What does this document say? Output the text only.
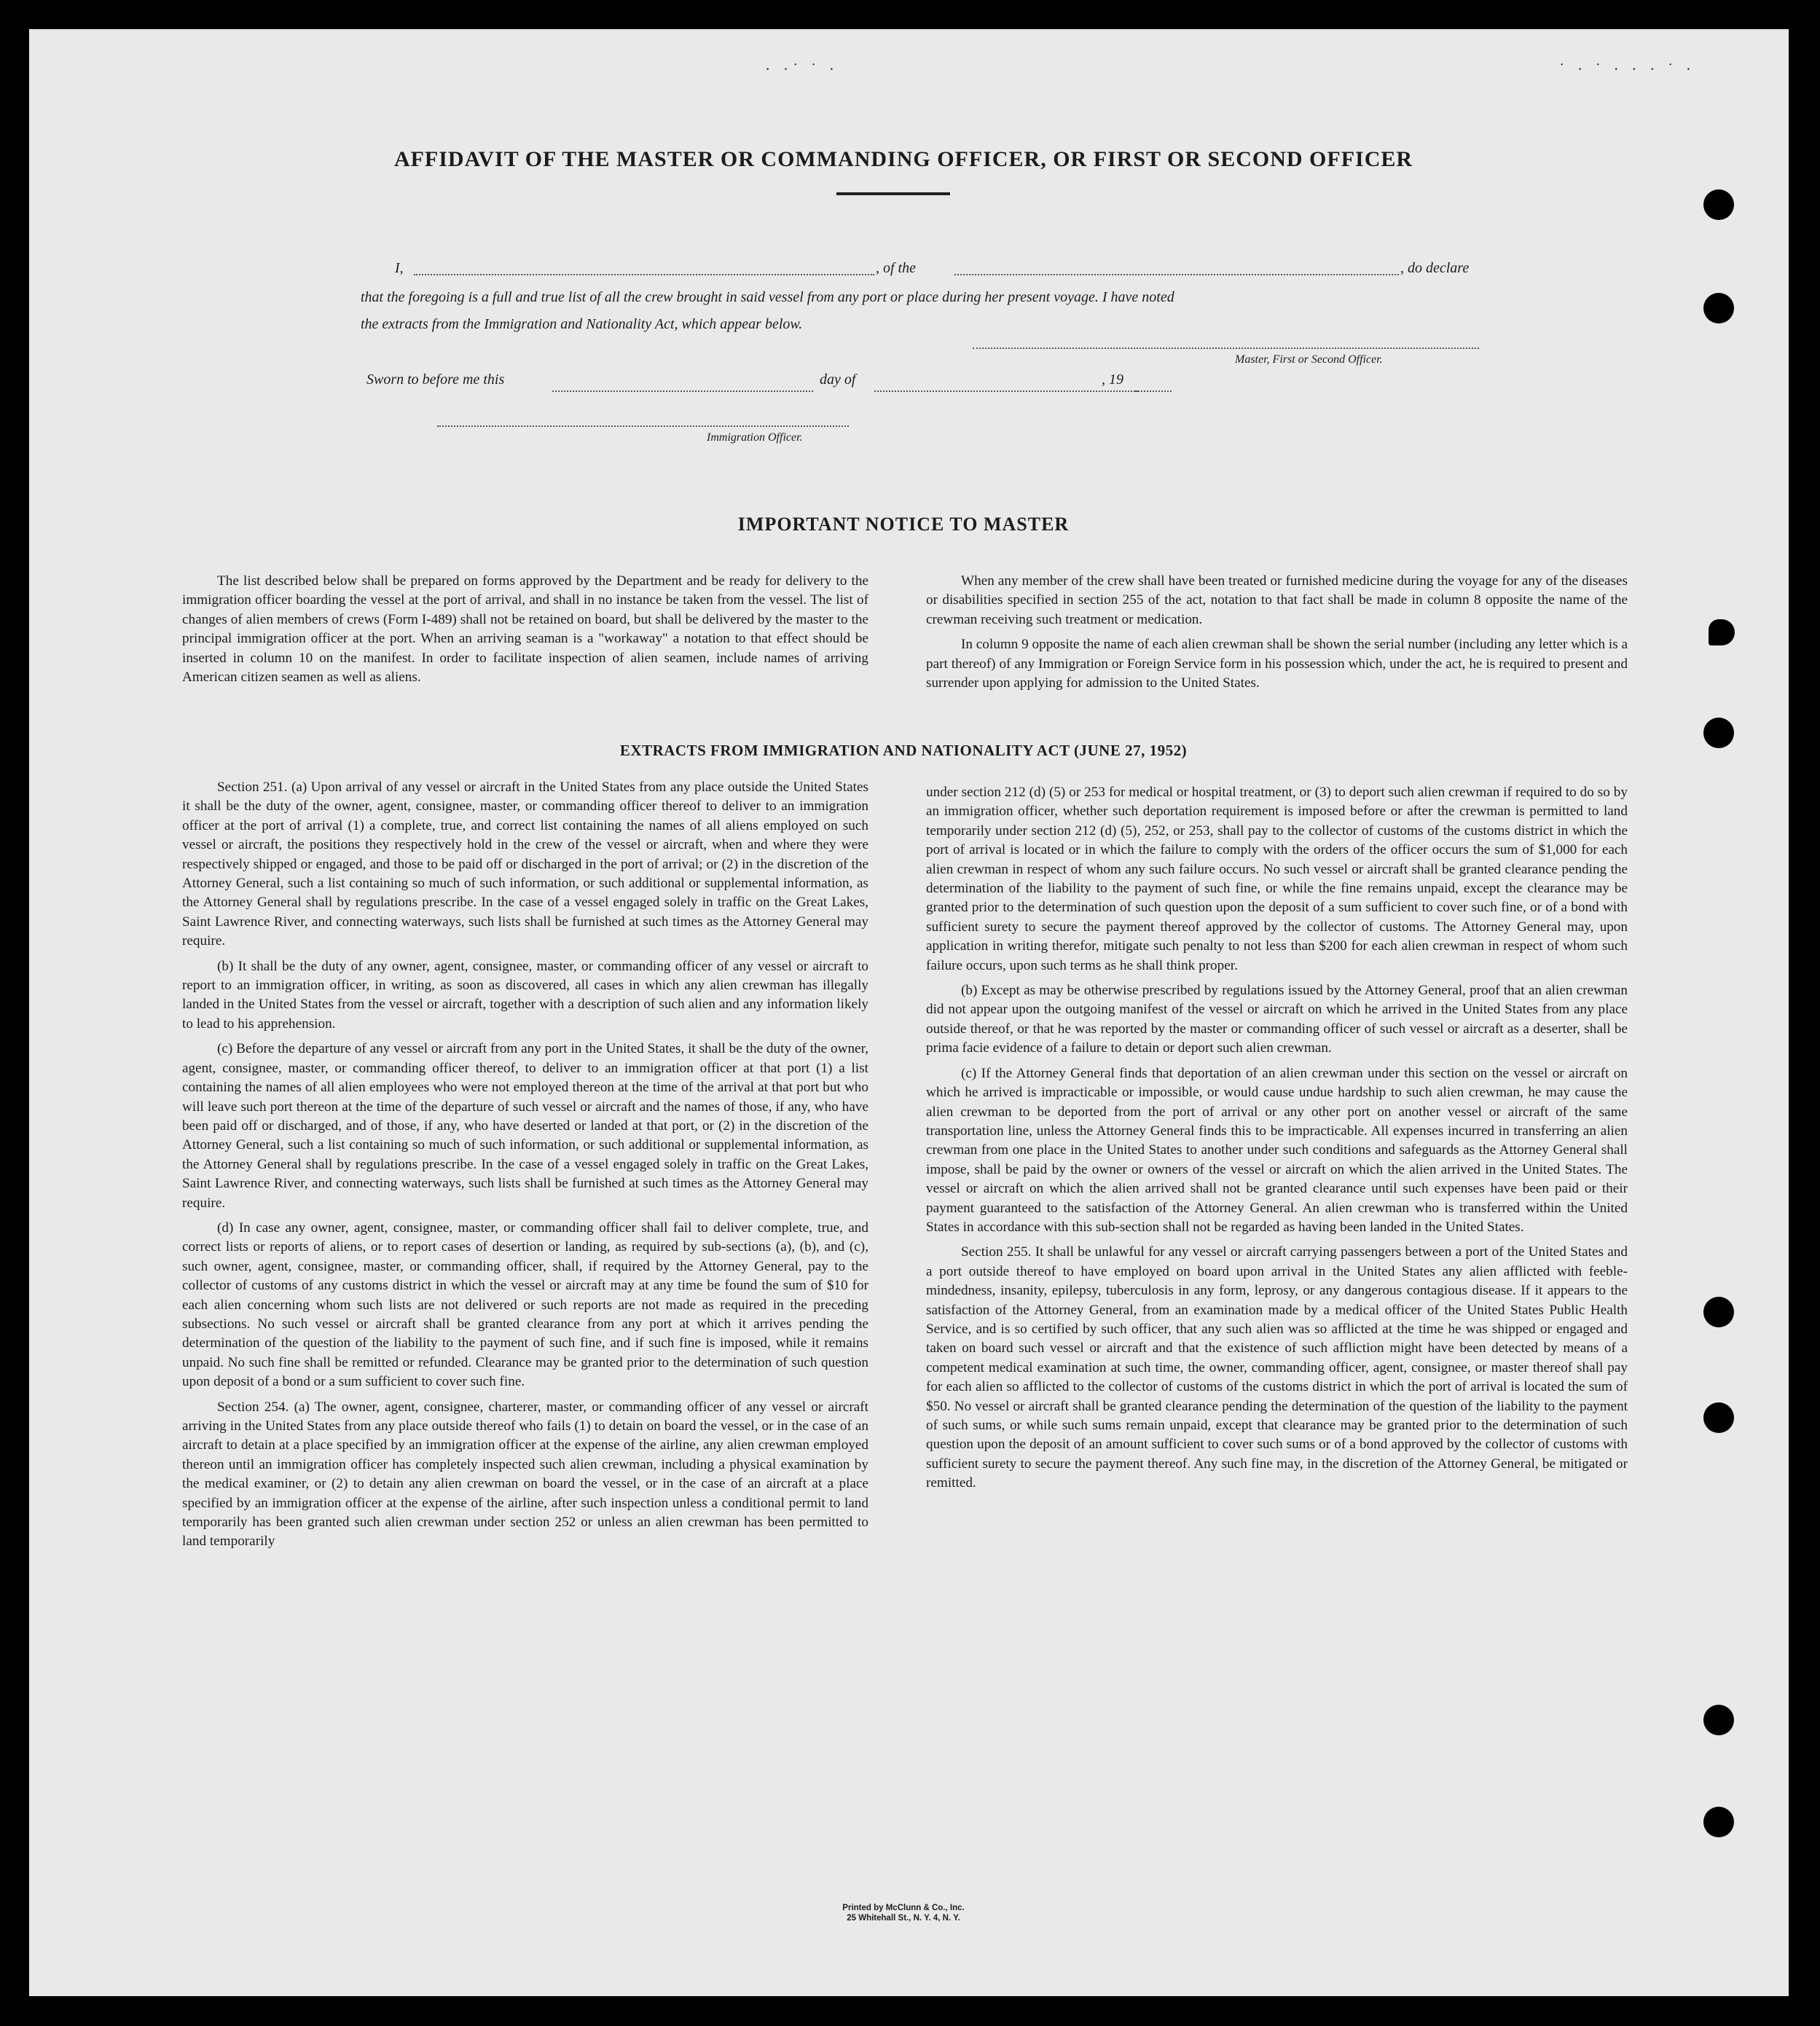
· ·˙ ˙ ·	˙ · ˙ · · · ˙ ·
AFFIDAVIT OF THE MASTER OR COMMANDING OFFICER, OR FIRST OR SECOND OFFICER
I,	, of the	, do declare
that the foregoing is a full and true list of all the crew brought in said vessel from any port or place during her present voyage. I have noted
the extracts from the Immigration and Nationality Act, which appear below.
Master, First or Second Officer.
Sworn to before me this	day of	, 19
Immigration Officer.
IMPORTANT NOTICE TO MASTER

The list described below shall be prepared on forms approved by the Department and be ready for delivery to the immigration officer boarding the vessel at the port of arrival, and shall in no instance be taken from the vessel. The list of changes of alien members of crews (Form I-489) shall not be retained on board, but shall be delivered by the master to the principal immigration officer at the port. When an arriving seaman is a "workaway" a notation to that effect should be inserted in column 10 on the manifest. In order to facilitate inspection of alien seamen, include names of arriving American citizen seamen as well as aliens.

When any member of the crew shall have been treated or furnished medicine during the voyage for any of the diseases or disabilities specified in section 255 of the act, notation to that fact shall be made in column 8 opposite the name of the crewman receiving such treatment or medication.

In column 9 opposite the name of each alien crewman shall be shown the serial number (including any letter which is a part thereof) of any Immigration or Foreign Service form in his possession which, under the act, he is required to present and surrender upon applying for admission to the United States.

EXTRACTS FROM IMMIGRATION AND NATIONALITY ACT (JUNE 27, 1952)

Section 251. (a) Upon arrival of any vessel or aircraft in the United States from any place outside the United States it shall be the duty of the owner, agent, consignee, master, or commanding officer thereof to deliver to an immigration officer at the port of arrival (1) a complete, true, and correct list containing the names of all aliens employed on such vessel or aircraft, the positions they respectively hold in the crew of the vessel or aircraft, when and where they were respectively shipped or engaged, and those to be paid off or discharged in the port of arrival; or (2) in the discretion of the Attorney General, such a list containing so much of such information, or such additional or supplemental information, as the Attorney General shall by regulations prescribe. In the case of a vessel engaged solely in traffic on the Great Lakes, Saint Lawrence River, and connecting waterways, such lists shall be furnished at such times as the Attorney General may require.

(b) It shall be the duty of any owner, agent, consignee, master, or commanding officer of any vessel or aircraft to report to an immigration officer, in writing, as soon as discovered, all cases in which any alien crewman has illegally landed in the United States from the vessel or aircraft, together with a description of such alien and any information likely to lead to his apprehension.

(c) Before the departure of any vessel or aircraft from any port in the United States, it shall be the duty of the owner, agent, consignee, master, or commanding officer thereof, to deliver to an immigration officer at that port (1) a list containing the names of all alien employees who were not employed thereon at the time of the arrival at that port but who will leave such port thereon at the time of the departure of such vessel or aircraft and the names of those, if any, who have been paid off or discharged, and of those, if any, who have deserted or landed at that port, or (2) in the discretion of the Attorney General, such a list containing so much of such information, or such additional or supplemental information, as the Attorney General shall by regulations prescribe. In the case of a vessel engaged solely in traffic on the Great Lakes, Saint Lawrence River, and connecting waterways, such lists shall be furnished at such times as the Attorney General may require.

(d) In case any owner, agent, consignee, master, or commanding officer shall fail to deliver complete, true, and correct lists or reports of aliens, or to report cases of desertion or landing, as required by sub-sections (a), (b), and (c), such owner, agent, consignee, master, or commanding officer, shall, if required by the Attorney General, pay to the collector of customs of any customs district in which the vessel or aircraft may at any time be found the sum of $10 for each alien concerning whom such lists are not delivered or such reports are not made as required in the preceding subsections. No such vessel or aircraft shall be granted clearance from any port at which it arrives pending the determination of the question of the liability to the payment of such fine, and if such fine is imposed, while it remains unpaid. No such fine shall be remitted or refunded. Clearance may be granted prior to the determination of such question upon deposit of a bond or a sum sufficient to cover such fine.

Section 254. (a) The owner, agent, consignee, charterer, master, or commanding officer of any vessel or aircraft arriving in the United States from any place outside thereof who fails (1) to detain on board the vessel, or in the case of an aircraft to detain at a place specified by an immigration officer at the expense of the airline, any alien crewman employed thereon until an immigration officer has completely inspected such alien crewman, including a physical examination by the medical examiner, or (2) to detain any alien crewman on board the vessel, or in the case of an aircraft at a place specified by an immigration officer at the expense of the airline, after such inspection unless a conditional permit to land temporarily has been granted such alien crewman under section 252 or unless an alien crewman has been permitted to land temporarily

under section 212 (d) (5) or 253 for medical or hospital treatment, or (3) to deport such alien crewman if required to do so by an immigration officer, whether such deportation requirement is imposed before or after the crewman is permitted to land temporarily under section 212 (d) (5), 252, or 253, shall pay to the collector of customs of the customs district in which the port of arrival is located or in which the failure to comply with the orders of the officer occurs the sum of $1,000 for each alien crewman in respect of whom any such failure occurs. No such vessel or aircraft shall be granted clearance pending the determination of the liability to the payment of such fine, or while the fine remains unpaid, except the clearance may be granted prior to the determination of such question upon the deposit of a sum sufficient to cover such fine, or of a bond with sufficient surety to secure the payment thereof approved by the collector of customs. The Attorney General may, upon application in writing therefor, mitigate such penalty to not less than $200 for each alien crewman in respect of whom such failure occurs, upon such terms as he shall think proper.

(b) Except as may be otherwise prescribed by regulations issued by the Attorney General, proof that an alien crewman did not appear upon the outgoing manifest of the vessel or aircraft on which he arrived in the United States from any place outside thereof, or that he was reported by the master or commanding officer of such vessel or aircraft as a deserter, shall be prima facie evidence of a failure to detain or deport such alien crewman.

(c) If the Attorney General finds that deportation of an alien crewman under this section on the vessel or aircraft on which he arrived is impracticable or impossible, or would cause undue hardship to such alien crewman, he may cause the alien crewman to be deported from the port of arrival or any other port on another vessel or aircraft of the same transportation line, unless the Attorney General finds this to be impracticable. All expenses incurred in transferring an alien crewman from one place in the United States to another under such conditions and safeguards as the Attorney General shall impose, shall be paid by the owner or owners of the vessel or aircraft on which the alien arrived in the United States. The vessel or aircraft on which the alien arrived shall not be granted clearance until such expenses have been paid or their payment guaranteed to the satisfaction of the Attorney General. An alien crewman who is transferred within the United States in accordance with this sub-section shall not be regarded as having been landed in the United States.

Section 255. It shall be unlawful for any vessel or aircraft carrying passengers between a port of the United States and a port outside thereof to have employed on board upon arrival in the United States any alien afflicted with feeble-mindedness, insanity, epilepsy, tuberculosis in any form, leprosy, or any dangerous contagious disease. If it appears to the satisfaction of the Attorney General, from an examination made by a medical officer of the United States Public Health Service, and is so certified by such officer, that any such alien was so afflicted at the time he was shipped or engaged and taken on board such vessel or aircraft and that the existence of such affliction might have been detected by means of a competent medical examination at such time, the owner, commanding officer, agent, consignee, or master thereof shall pay for each alien so afflicted to the collector of customs of the customs district in which the port of arrival is located the sum of $50. No vessel or aircraft shall be granted clearance pending the determination of the question of the liability to the payment of such sums, or while such sums remain unpaid, except that clearance may be granted prior to the determination of such question upon the deposit of an amount sufficient to cover such sums or of a bond approved by the collector of customs with sufficient surety to secure the payment thereof. Any such fine may, in the discretion of the Attorney General, be mitigated or remitted.

Printed by McClunn & Co., Inc.
25 Whitehall St., N. Y. 4, N. Y.
